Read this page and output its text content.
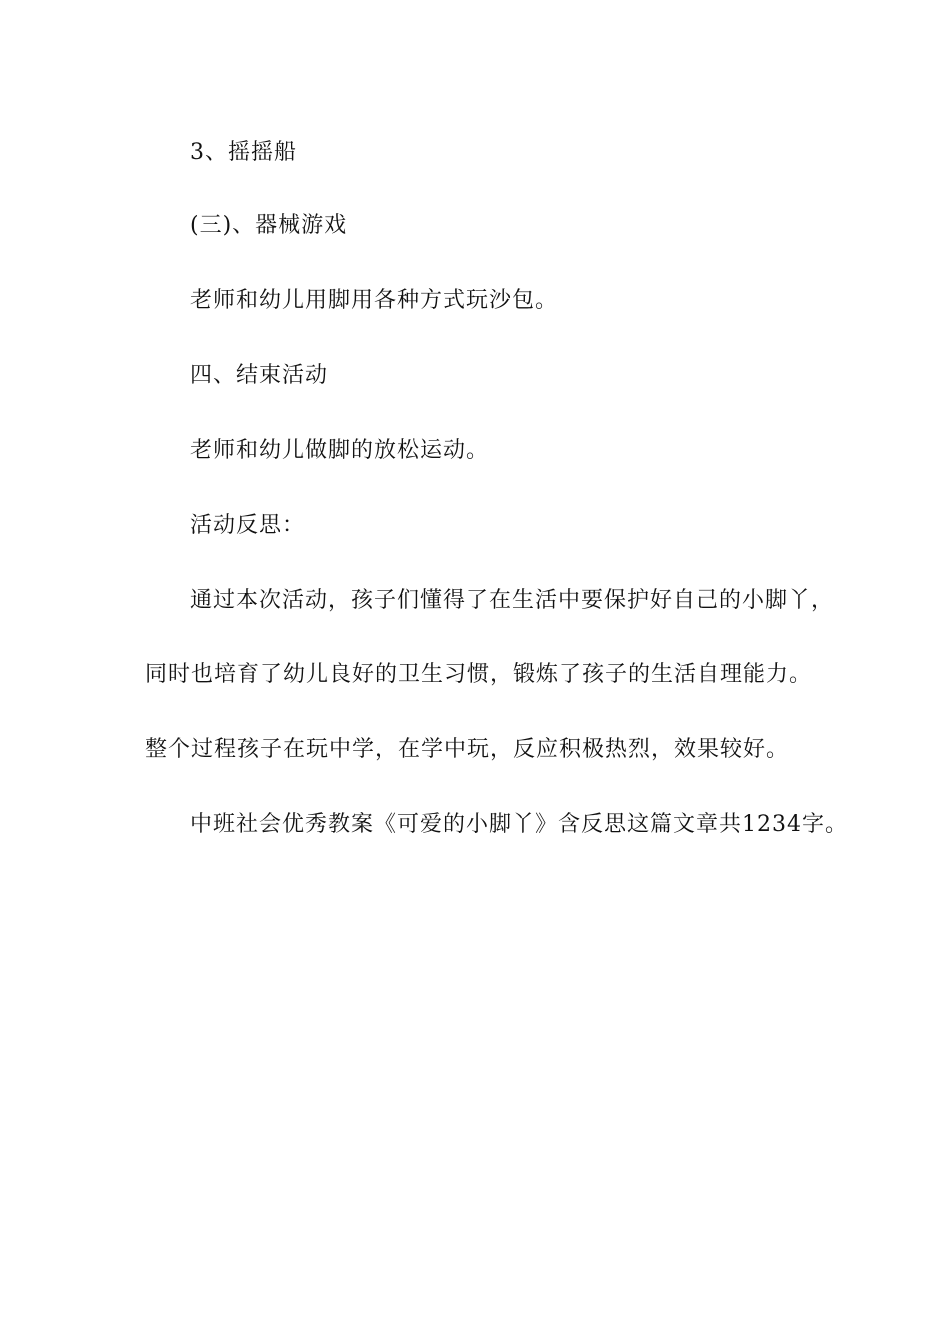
3、摇摇船
(三)、器械游戏
老师和幼儿用脚用各种方式玩沙包。
四、结束活动
老师和幼儿做脚的放松运动。
活动反思：
通过本次活动，孩子们懂得了在生活中要保护好自己的小脚丫，
同时也培育了幼儿良好的卫生习惯，锻炼了孩子的生活自理能力。
整个过程孩子在玩中学，在学中玩，反应积极热烈，效果较好。
中班社会优秀教案《可爱的小脚丫》含反思这篇文章共1234字。
